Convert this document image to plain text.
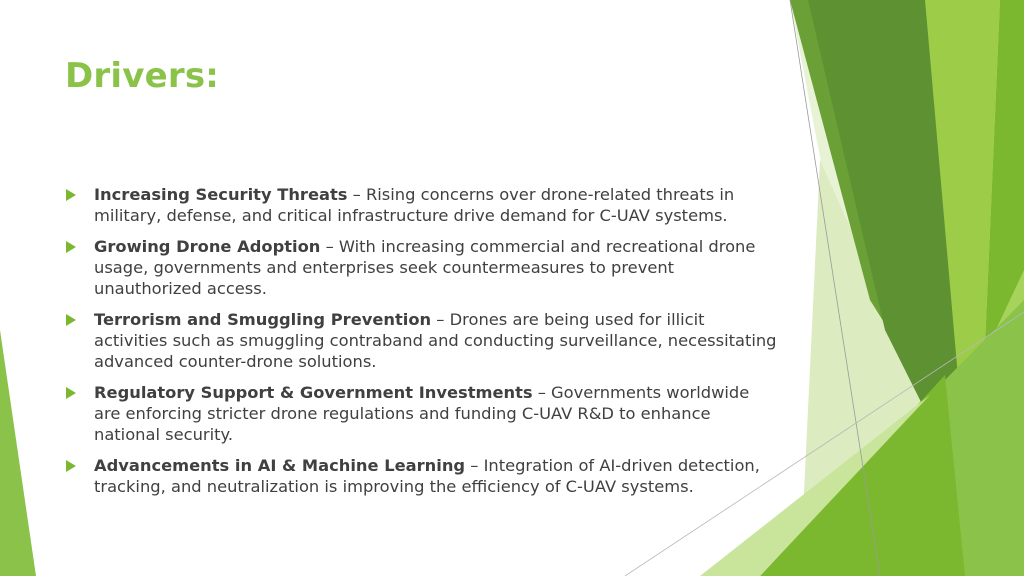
Drivers:
Increasing Security Threats – Rising concerns over drone-related threats in military, defense, and critical infrastructure drive demand for C-UAV systems.
Growing Drone Adoption – With increasing commercial and recreational drone usage, governments and enterprises seek countermeasures to prevent unauthorized access.
Terrorism and Smuggling Prevention – Drones are being used for illicit activities such as smuggling contraband and conducting surveillance, necessitating advanced counter-drone solutions.
Regulatory Support & Government Investments – Governments worldwide are enforcing stricter drone regulations and funding C-UAV R&D to enhance national security.
Advancements in AI & Machine Learning – Integration of AI-driven detection, tracking, and neutralization is improving the efficiency of C-UAV systems.
